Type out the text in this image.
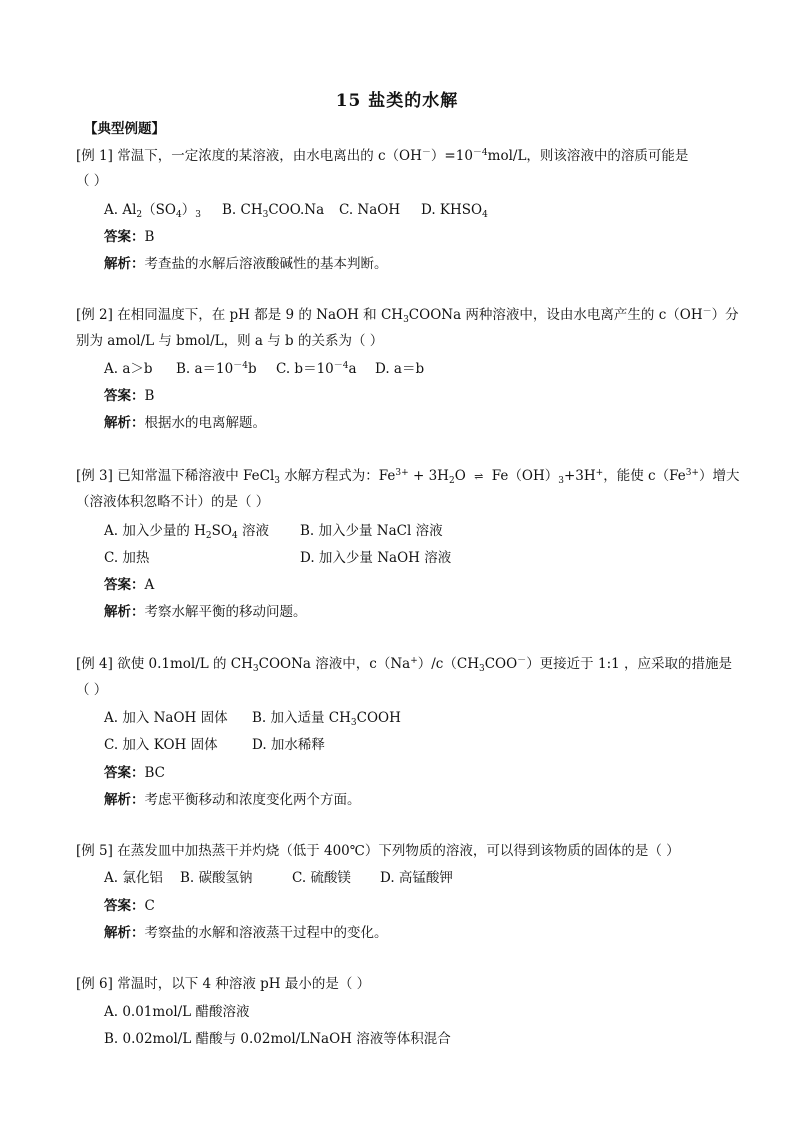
15 盐类的水解
【典型例题】
[例 1] 常温下，一定浓度的某溶液，由水电离出的 $c(OH^-)=10^{-4}mol/L$，则该溶液中的溶质可能是
（ ）
A. $Al_2(SO_4)_3$ B. $CH_3COO.Na$ C. NaOH D. $KHSO_4$
答案：B
解析：考查盐的水解后溶液酸碱性的基本判断。
[例 2] 在相同温度下，在 pH 都是 9 的 NaOH 和 $CH_3COONa$ 两种溶液中，设由水电离产生的 c（OH－）分
别为 amol/L 与 bmol/L，则 a 与 b 的关系为（ ）
A. a＞b B. $a=10^{-4}b$ C. $b=10^{-4}a$ D. a＝b
答案：B
解析：根据水的电离解题。
[例 3] 已知常温下稀溶液中 FeCl$_3$ 水解方程式为：$Fe^{3+} + 3H_2O$ ⇌ $Fe(OH)_3+3H^+$，能使 $c(Fe^{3+})$增大
（溶液体积忽略不计）的是（ ）
A. 加入少量的 $H_2SO_4$ 溶液 B. 加入少量 NaCl 溶液
C. 加热	D. 加入少量 NaOH 溶液
答案：A
解析：考察水解平衡的移动问题。
[例 4] 欲使 0.1mol/L 的 $CH_3COONa$ 溶液中，$c(Na^+)/c(CH_3COO^-)$更接近于 1:1 ，应采取的措施是
（ ）
A. 加入 NaOH 固体 B. 加入适量 $CH_3COOH$
C. 加入 KOH 固体	D. 加水稀释
答案：BC
解析：考虑平衡移动和浓度变化两个方面。
[例 5] 在蒸发皿中加热蒸干并灼烧（低于 400℃）下列物质的溶液，可以得到该物质的固体的是（ ）
A. 氯化铝 B. 碳酸氢钠	C. 硫酸镁 D. 高锰酸钾
答案：C
解析：考察盐的水解和溶液蒸干过程中的变化。
[例 6] 常温时，以下 4 种溶液 pH 最小的是（ ）
A. 0.01mol/L 醋酸溶液
B. 0.02mol/L 醋酸与 0.02mol/LNaOH 溶液等体积混合
